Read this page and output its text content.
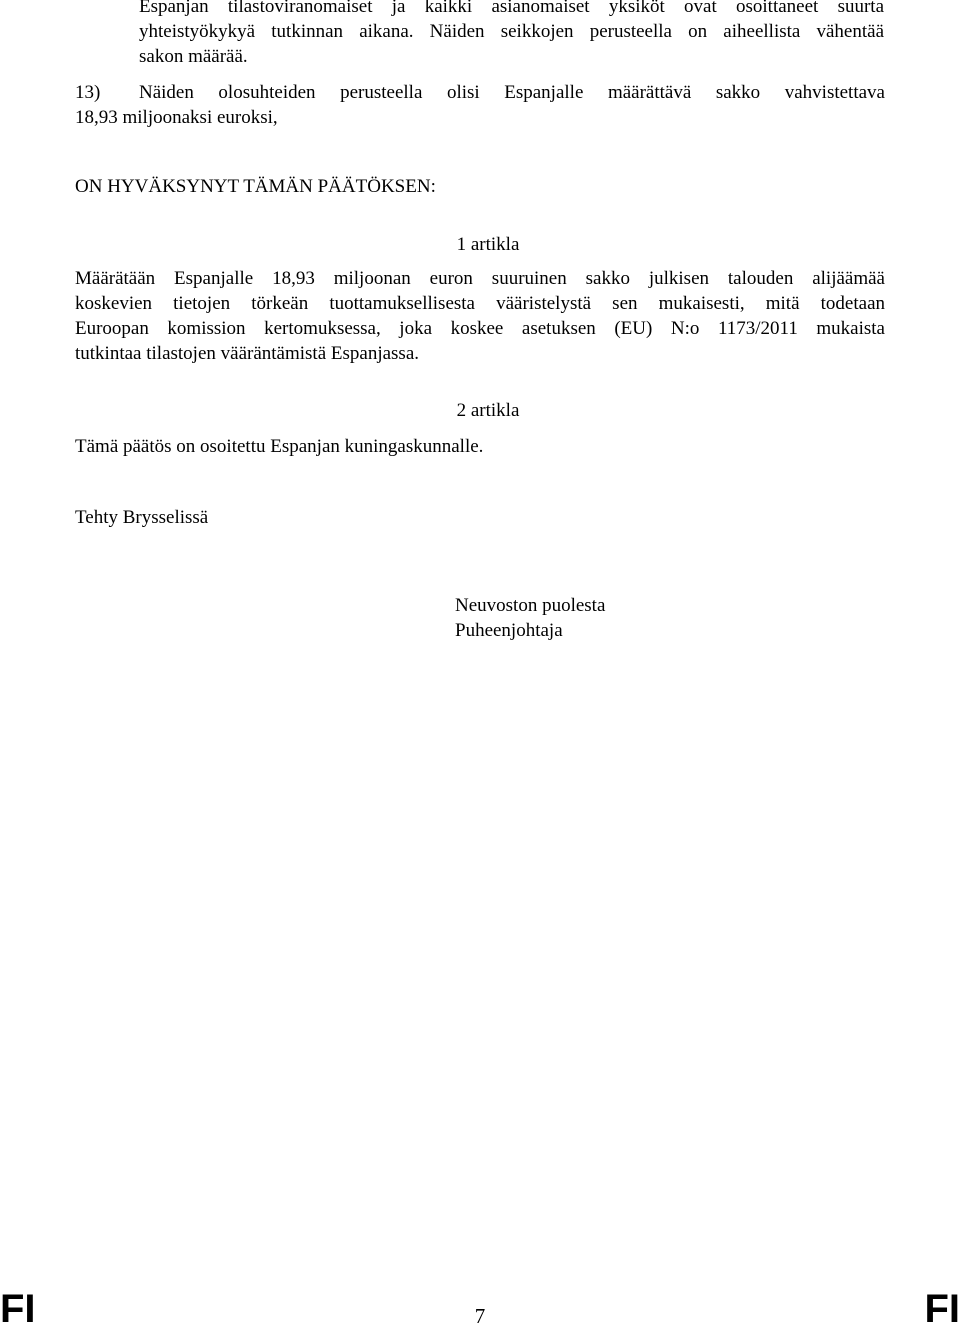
Espanjan tilastoviranomaiset ja kaikki asianomaiset yksiköt ovat osoittaneet suurta
yhteistyökykyä tutkinnan aikana. Näiden seikkojen perusteella on aiheellista vähentää
sakon määrää.
13)	Näiden olosuhteiden perusteella olisi Espanjalle määrättävä sakko vahvistettava
18,93 miljoonaksi euroksi,
ON HYVÄKSYNYT TÄMÄN PÄÄTÖKSEN:
1 artikla
Määrätään Espanjalle 18,93 miljoonan euron suuruinen sakko julkisen talouden alijäämää
koskevien tietojen törkeän tuottamuksellisesta vääristelystä sen mukaisesti, mitä todetaan
Euroopan komission kertomuksessa, joka koskee asetuksen (EU) N:o 1173/2011 mukaista
tutkintaa tilastojen vääräntämistä Espanjassa.
2 artikla
Tämä päätös on osoitettu Espanjan kuningaskunnalle.
Tehty Brysselissä
Neuvoston puolesta
Puheenjohtaja
FI	7	FI
